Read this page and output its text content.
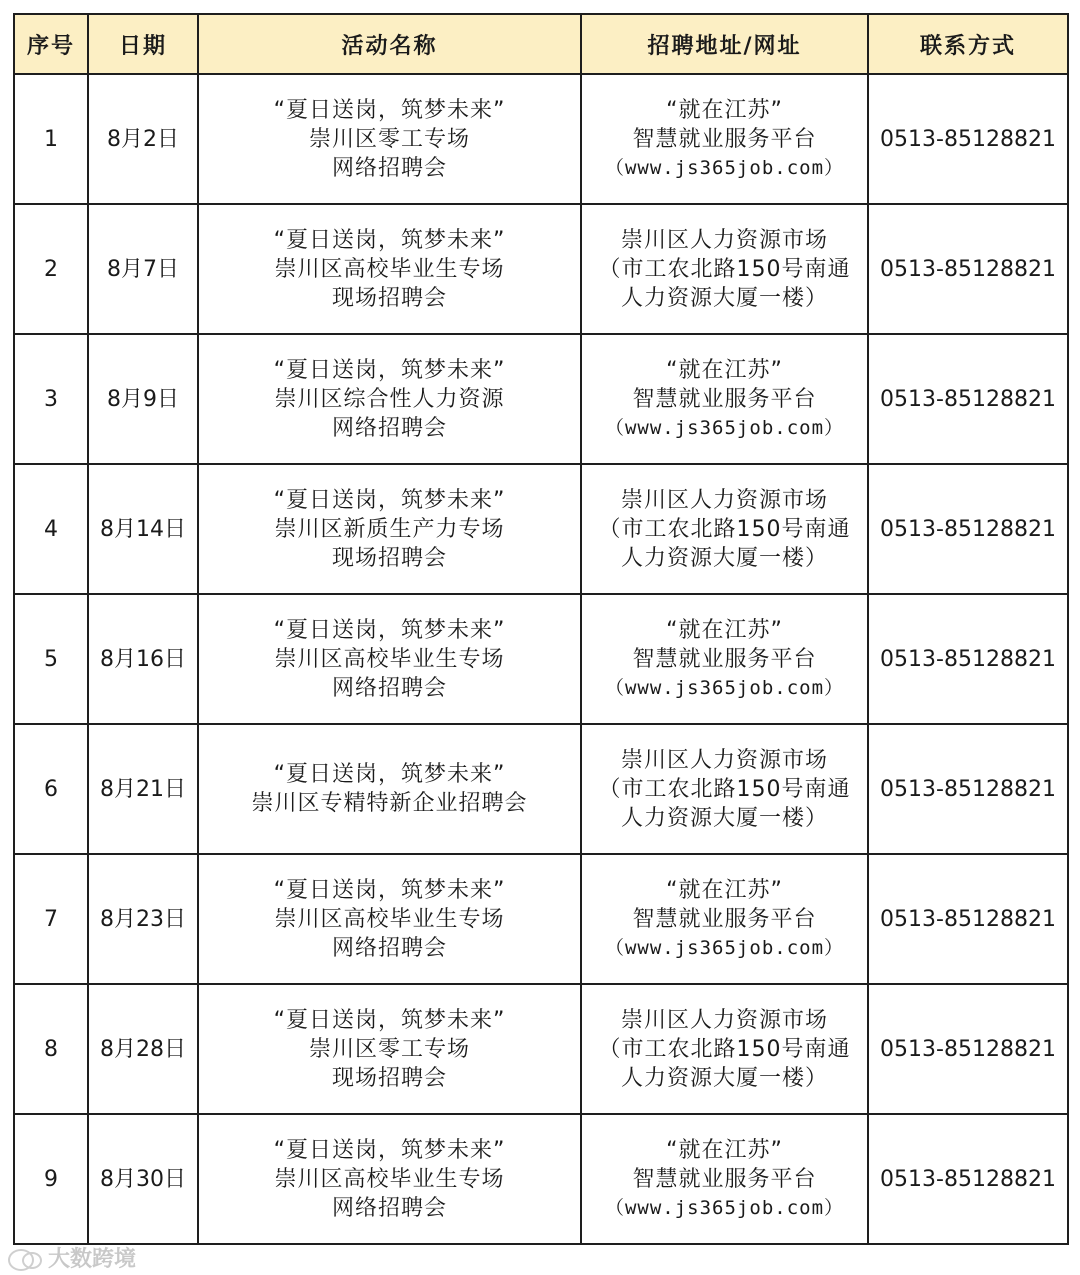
序号	日期	活动名称	招聘地址/网址	联系方式
1	8月2日	“夏日送岗，筑梦未来”
崇川区零工专场
网络招聘会	“就在江苏”
智慧就业服务平台
（www.js365job.com）	0513-85128821
2	8月7日	“夏日送岗，筑梦未来”
崇川区高校毕业生专场
现场招聘会	崇川区人力资源市场
（市工农北路150号南通
人力资源大厦一楼）	0513-85128821
3	8月9日	“夏日送岗，筑梦未来”
崇川区综合性人力资源
网络招聘会	“就在江苏”
智慧就业服务平台
（www.js365job.com）	0513-85128821
4	8月14日	“夏日送岗，筑梦未来”
崇川区新质生产力专场
现场招聘会	崇川区人力资源市场
（市工农北路150号南通
人力资源大厦一楼）	0513-85128821
5	8月16日	“夏日送岗，筑梦未来”
崇川区高校毕业生专场
网络招聘会	“就在江苏”
智慧就业服务平台
（www.js365job.com）	0513-85128821
6	8月21日	“夏日送岗，筑梦未来”
崇川区专精特新企业招聘会	崇川区人力资源市场
（市工农北路150号南通
人力资源大厦一楼）	0513-85128821
7	8月23日	“夏日送岗，筑梦未来”
崇川区高校毕业生专场
网络招聘会	“就在江苏”
智慧就业服务平台
（www.js365job.com）	0513-85128821
8	8月28日	“夏日送岗，筑梦未来”
崇川区零工专场
现场招聘会	崇川区人力资源市场
（市工农北路150号南通
人力资源大厦一楼）	0513-85128821
9	8月30日	“夏日送岗，筑梦未来”
崇川区高校毕业生专场
网络招聘会	“就在江苏”
智慧就业服务平台
（www.js365job.com）	0513-85128821
大数跨境
